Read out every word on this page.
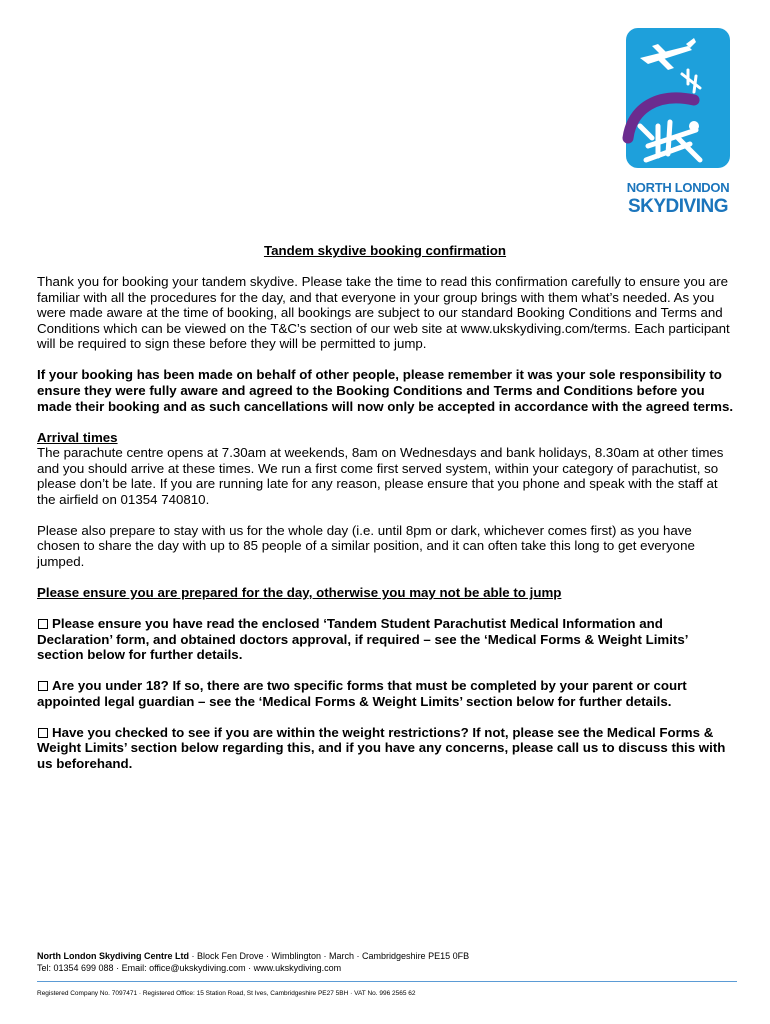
NORTH LONDON
SKYDIVING
Tandem skydive booking confirmation

Thank you for booking your tandem skydive. Please take the time to read this confirmation carefully to ensure you are familiar with all the procedures for the day, and that everyone in your group brings with them what’s needed. As you were made aware at the time of booking, all bookings are subject to our standard Booking Conditions and Terms and Conditions which can be viewed on the T&C’s section of our web site at www.ukskydiving.com/terms. Each participant will be required to sign these before they will be permitted to jump.

If your booking has been made on behalf of other people, please remember it was your sole responsibility to ensure they were fully aware and agreed to the Booking Conditions and Terms and Conditions before you made their booking and as such cancellations will now only be accepted in accordance with the agreed terms.

Arrival times
The parachute centre opens at 7.30am at weekends, 8am on Wednesdays and bank holidays, 8.30am at other times and you should arrive at these times. We run a first come first served system, within your category of parachutist, so please don’t be late. If you are running late for any reason, please ensure that you phone and speak with the staff at the airfield on 01354 740810.

Please also prepare to stay with us for the whole day (i.e. until 8pm or dark, whichever comes first) as you have chosen to share the day with up to 85 people of a similar position, and it can often take this long to get everyone jumped.

Please ensure you are prepared for the day, otherwise you may not be able to jump

Please ensure you have read the enclosed ‘Tandem Student Parachutist Medical Information and Declaration’ form, and obtained doctors approval, if required – see the ‘Medical Forms & Weight Limits’ section below for further details.

Are you under 18? If so, there are two specific forms that must be completed by your parent or court appointed legal guardian – see the ‘Medical Forms & Weight Limits’ section below for further details.

Have you checked to see if you are within the weight restrictions? If not, please see the Medical Forms & Weight Limits’ section below regarding this, and if you have any concerns, please call us to discuss this with us beforehand.

North London Skydiving Centre Ltd · Block Fen Drove · Wimblington · March · Cambridgeshire PE15 0FB
Tel: 01354 699 088 · Email: office@ukskydiving.com · www.ukskydiving.com
Registered Company No. 7097471 · Registered Office: 15 Station Road, St Ives, Cambridgeshire PE27 5BH · VAT No. 996 2565 62
